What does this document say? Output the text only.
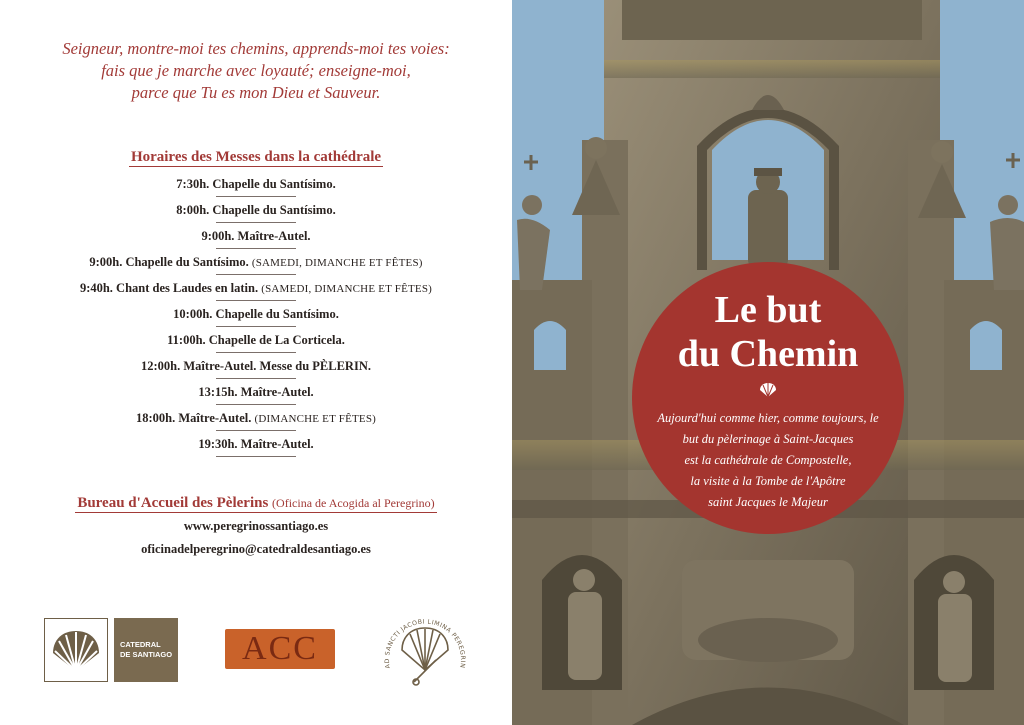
Seigneur, montre-moi tes chemins, apprends-moi tes voies:
fais que je marche avec loyauté; enseigne-moi,
parce que Tu es mon Dieu et Sauveur.
Horaires des Messes dans la cathédrale
7:30h. Chapelle du Santísimo.
8:00h. Chapelle du Santísimo.
9:00h. Maître-Autel.
9:00h. Chapelle du Santísimo. (SAMEDI, DIMANCHE ET FÊTES)
9:40h. Chant des Laudes en latin. (SAMEDI, DIMANCHE ET FÊTES)
10:00h. Chapelle du Santísimo.
11:00h. Chapelle de La Corticela.
12:00h. Maître-Autel. Messe du PÈLERIN.
13:15h. Maître-Autel.
18:00h. Maître-Autel. (DIMANCHE ET FÊTES)
19:30h. Maître-Autel.
Bureau d'Accueil des Pèlerins (Oficina de Acogida al Peregrino)
www.peregrinossantiago.es
oficinadelperegrino@catedraldesantiago.es
CATEDRAL
DE SANTIAGO	ACC	AD SANCTI JACOBI LIMINA PEREGRIN
Le but
du Chemin
Aujourd'hui comme hier, comme toujours, le
but du pèlerinage à Saint-Jacques
est la cathédrale de Compostelle,
la visite à la Tombe de l'Apôtre
saint Jacques le Majeur
